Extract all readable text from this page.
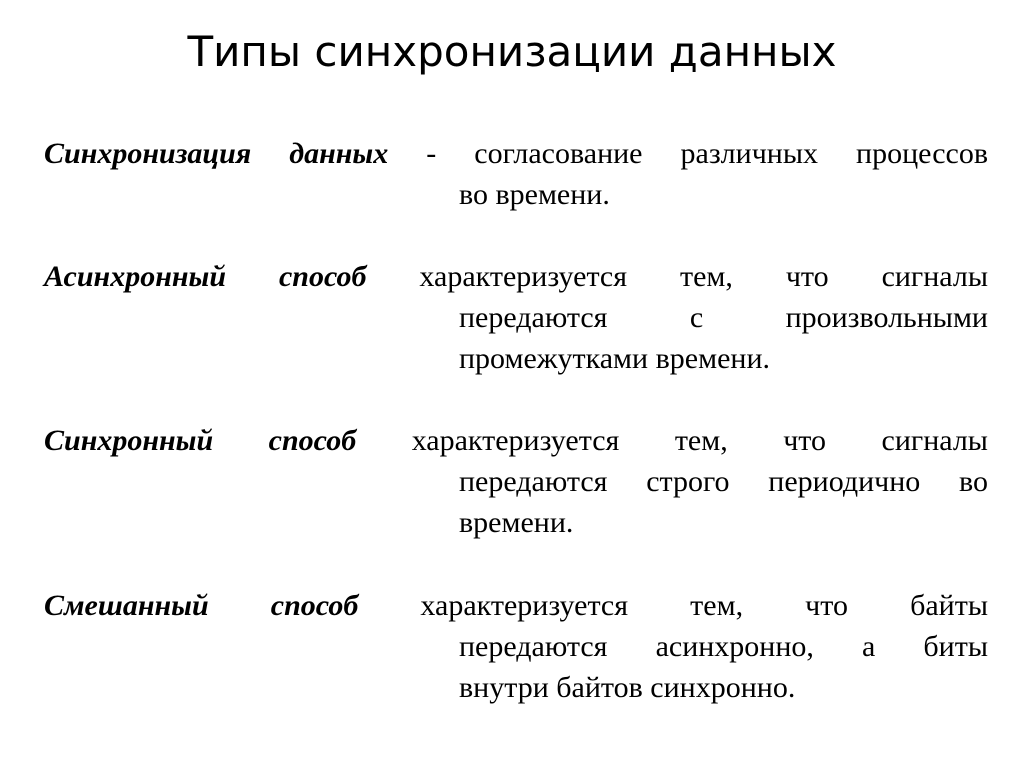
Типы синхронизации данных
Синхронизация данных - согласование различных процессов
во
времени.
Асинхронный способ характеризуется тем, что сигналы
передаются	с	произвольными
промежутками
времени.
Синхронный способ характеризуется тем, что сигналы
передаются строго периодично во
времени.
Смешанный способ характеризуется тем, что байты
передаются асинхронно, а биты
внутри
байтов
синхронно.
